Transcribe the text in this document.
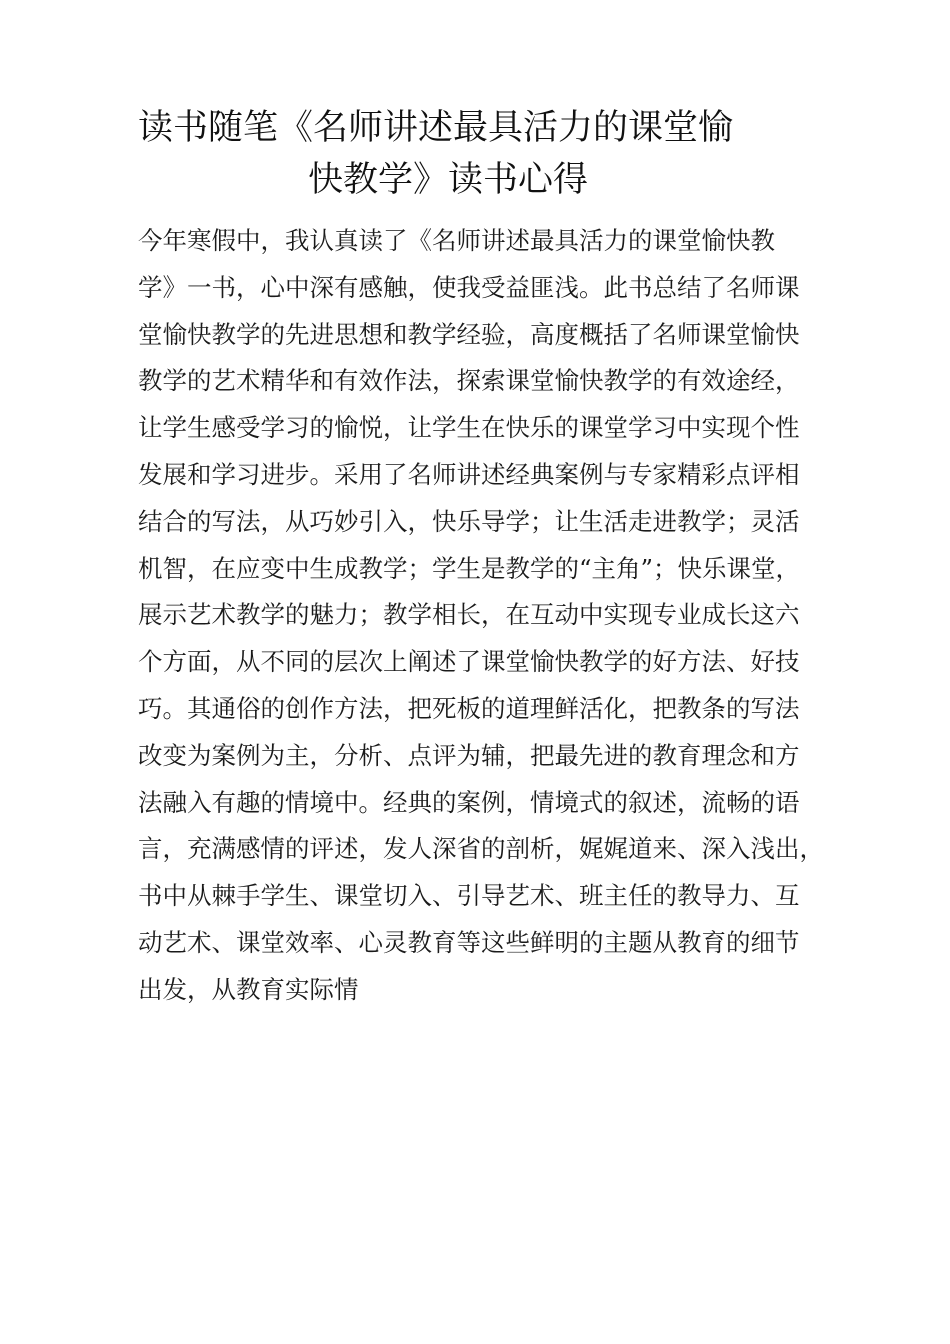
读书随笔《名师讲述最具活力的课堂愉
快教学》读书心得
今年寒假中，我认真读了《名师讲述最具活力的课堂愉快教
学》一书，心中深有感触，使我受益匪浅。此书总结了名师课
堂愉快教学的先进思想和教学经验，高度概括了名师课堂愉快
教学的艺术精华和有效作法，探索课堂愉快教学的有效途经，
让学生感受学习的愉悦，让学生在快乐的课堂学习中实现个性
发展和学习进步。采用了名师讲述经典案例与专家精彩点评相
结合的写法，从巧妙引入，快乐导学；让生活走进教学；灵活
机智，在应变中生成教学；学生是教学的“主角”；快乐课堂，
展示艺术教学的魅力；教学相长，在互动中实现专业成长这六
个方面，从不同的层次上阐述了课堂愉快教学的好方法、好技
巧。其通俗的创作方法，把死板的道理鲜活化，把教条的写法
改变为案例为主，分析、点评为辅，把最先进的教育理念和方
法融入有趣的情境中。经典的案例，情境式的叙述，流畅的语
言，充满感情的评述，发人深省的剖析，娓娓道来、深入浅出，
书中从棘手学生、课堂切入、引导艺术、班主任的教导力、互
动艺术、课堂效率、心灵教育等这些鲜明的主题从教育的细节
出发，从教育实际情
